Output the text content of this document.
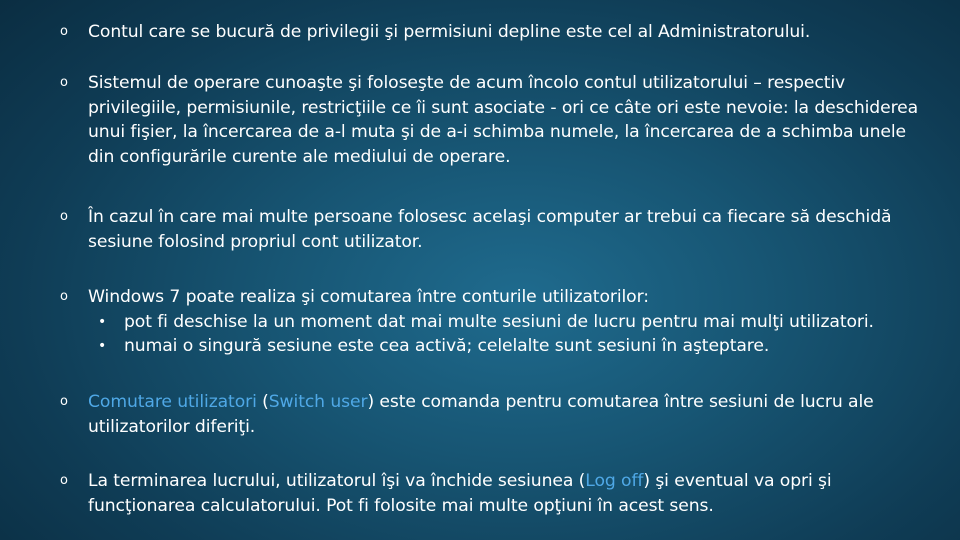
o Contul care se bucură de privilegii şi permisiuni depline este cel al Administratorului.
o Sistemul de operare cunoaşte şi foloseşte de acum încolo contul utilizatorului – respectiv privilegiile, permisiunile, restricţiile ce îi sunt asociate - ori ce câte ori este nevoie: la deschiderea unui fişier, la încercarea de a-l muta şi de a-i schimba numele, la încercarea de a schimba unele din configurările curente ale mediului de operare.
o În cazul în care mai multe persoane folosesc acelaşi computer ar trebui ca fiecare să deschidă sesiune folosind propriul cont utilizator.
o Windows 7 poate realiza şi comutarea între conturile utilizatorilor:
• pot fi deschise la un moment dat mai multe sesiuni de lucru pentru mai mulţi utilizatori.
• numai o singură sesiune este cea activă; celelalte sunt sesiuni în aşteptare.
o Comutare utilizatori (Switch user) este comanda pentru comutarea între sesiuni de lucru ale utilizatorilor diferiţi.
o La terminarea lucrului, utilizatorul îşi va închide sesiunea (Log off) şi eventual va opri şi funcţionarea calculatorului. Pot fi folosite mai multe opţiuni în acest sens.
